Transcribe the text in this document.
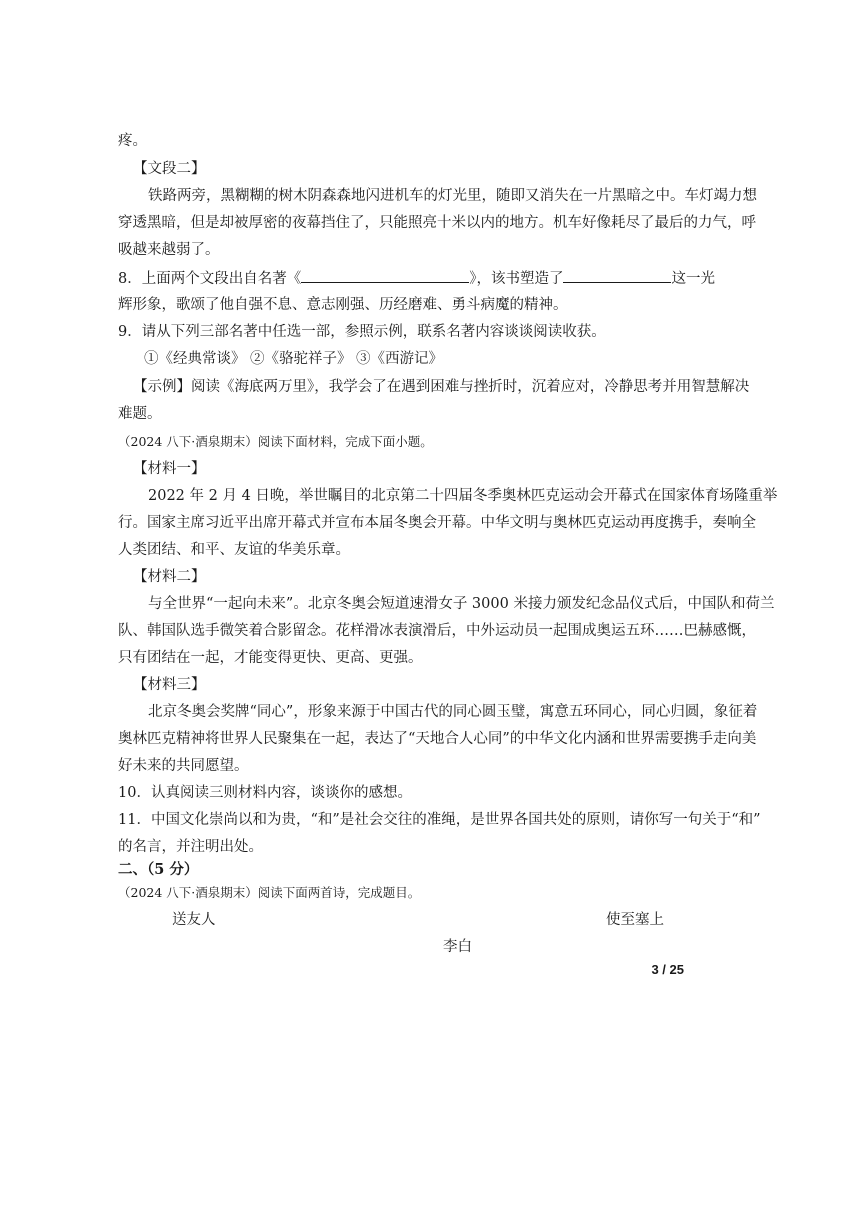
疼。
【文段二】
铁路两旁，黑糊糊的树木阴森森地闪进机车的灯光里，随即又消失在一片黑暗之中。车灯竭力想
穿透黑暗，但是却被厚密的夜幕挡住了，只能照亮十米以内的地方。机车好像耗尽了最后的力气，呼
吸越来越弱了。
8．上面两个文段出自名著《	》，该书塑造了	这一光
辉形象，歌颂了他自强不息、意志刚强、历经磨难、勇斗病魔的精神。
9．请从下列三部名著中任选一部，参照示例，联系名著内容谈谈阅读收获。
①《经典常谈》 ②《骆驼祥子》 ③《西游记》
【示例】阅读《海底两万里》，我学会了在遇到困难与挫折时，沉着应对，冷静思考并用智慧解决
难题。
（2024 八下·酒泉期末）阅读下面材料，完成下面小题。
【材料一】
2022 年 2 月 4 日晚，举世瞩目的北京第二十四届冬季奥林匹克运动会开幕式在国家体育场隆重举
行。国家主席习近平出席开幕式并宣布本届冬奥会开幕。中华文明与奥林匹克运动再度携手，奏响全
人类团结、和平、友谊的华美乐章。
【材料二】
与全世界“一起向未来”。北京冬奥会短道速滑女子 3000 米接力颁发纪念品仪式后，中国队和荷兰
队、韩国队选手微笑着合影留念。花样滑冰表演滑后，中外运动员一起围成奥运五环……巴赫感慨，
只有团结在一起，才能变得更快、更高、更强。
【材料三】
北京冬奥会奖牌“同心”，形象来源于中国古代的同心圆玉璧，寓意五环同心，同心归圆，象征着
奥林匹克精神将世界人民聚集在一起，表达了“天地合人心同”的中华文化内涵和世界需要携手走向美
好未来的共同愿望。
10．认真阅读三则材料内容，谈谈你的感想。
11．中国文化崇尚以和为贵，“和”是社会交往的准绳，是世界各国共处的原则，请你写一句关于“和”
的名言，并注明出处。
二、（5 分）
（2024 八下·酒泉期末）阅读下面两首诗，完成题目。
送友人	使至塞上
李白
3 / 25
